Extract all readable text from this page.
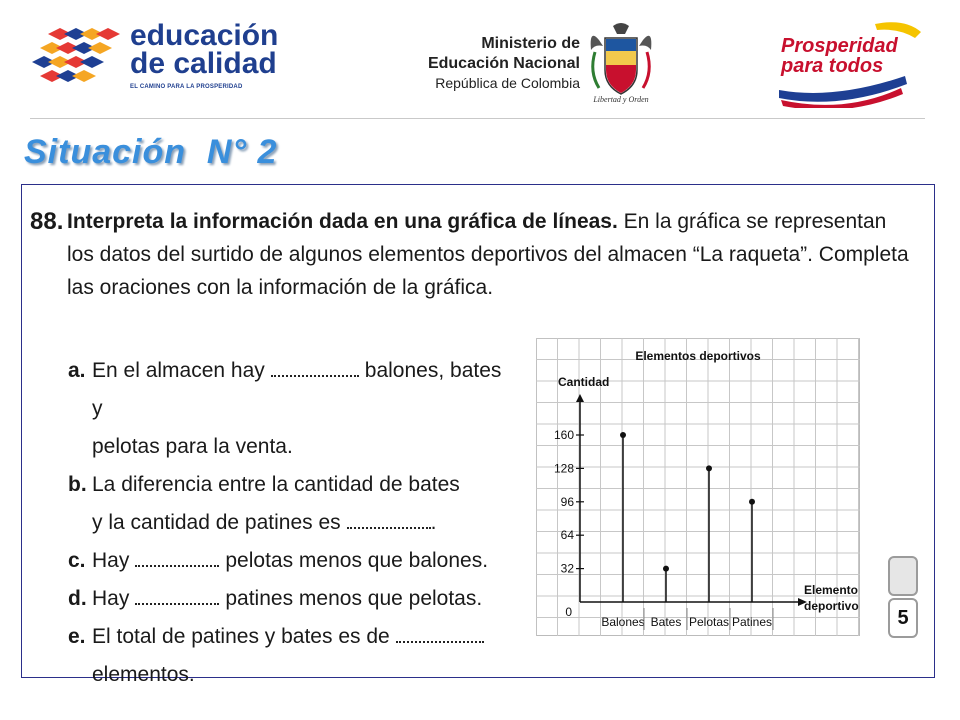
educación
de calidad
EL CAMINO PARA LA PROSPERIDAD
Ministerio de
Educación Nacional
República de Colombia
Libertad y Orden
Prosperidad
para todos
Situación  N° 2
88. Interpreta la información dada en una gráfica de líneas. En la gráfica se representan los datos del surtido de algunos elementos deportivos del almacen “La raqueta”. Completa las oraciones con la información de la gráfica.
a. En el almacen hay	balones, bates y
pelotas para la venta.
b. La diferencia entre la cantidad de bates
y la cantidad de patines es	.
c. Hay	pelotas menos que balones.
d. Hay	patines menos que pelotas.
e. El total de patines y bates es de
elementos.
Elementos deportivos
Cantidad
0
32
64
96
128
160
Elemento
deportivo
Balones Bates Pelotas Patines	5
